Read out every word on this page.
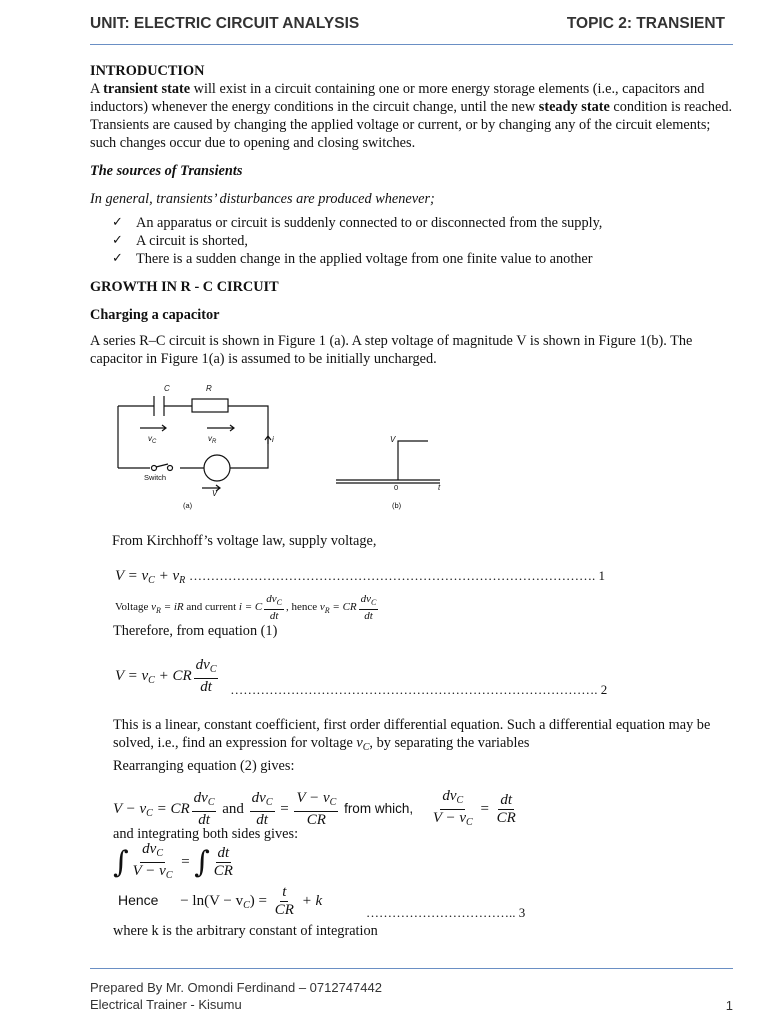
UNIT: ELECTRIC CIRCUIT ANALYSIS	TOPIC 2: TRANSIENT

INTRODUCTION

A transient state will exist in a circuit containing one or more energy storage elements (i.e., capacitors and inductors) whenever the energy conditions in the circuit change, until the new steady state condition is reached. Transients are caused by changing the applied voltage or current, or by changing any of the circuit elements; such changes occur due to opening and closing switches.

The sources of Transients

In general, transients’ disturbances are produced whenever;

✓ An apparatus or circuit is suddenly connected to or disconnected from the supply,
✓ A circuit is shorted,
✓ There is a sudden change in the applied voltage from one finite value to another

GROWTH IN R - C CIRCUIT

Charging a capacitor

A series R–C circuit is shown in Figure 1 (a). A step voltage of magnitude V is shown in Figure 1(b). The capacitor in Figure 1(a) is assumed to be initially uncharged.

C	R
$v_C$	$v_R$	i
V
V
t
Switch
0
(a)	(b)
From Kirchhoff’s voltage law, supply voltage,
$V = v_C + v_R$ …………………………………………………………………………………. 1
Voltage $v_R$ = iR and current i = C $\frac{dv_C}{dt}$ , hence $v_R$ = CR $\frac{dv_C}{dt}$
Therefore, from equation (1)
$V = v_C$ + CR $\frac{dv_C}{dt}$ …………………………………………………………………………. 2
This is a linear, constant coefficient, first order differential equation. Such a differential equation may be solved, i.e., find an expression for voltage $v_C$, by separating the variables
Rearranging equation (2) gives:
$V - v_C$ = CR $\frac{dv_C}{dt}$ and $\frac{dv_C}{dt} = \frac{V - v_C}{CR}$ from which, $\frac{dv_C}{V - v_C} = \frac{dt}{CR}$
and integrating both sides gives:
∫ $\frac{dv_C}{V - v_C}$ = ∫ $\frac{dt}{CR}$
Hence − $\ln(V - v_C) = \frac{t}{CR} + k$ …………………………….. 3
where k is the arbitrary constant of integration
Prepared By Mr. Omondi Ferdinand – 0712747442
Electrical Trainer - Kisumu	1
